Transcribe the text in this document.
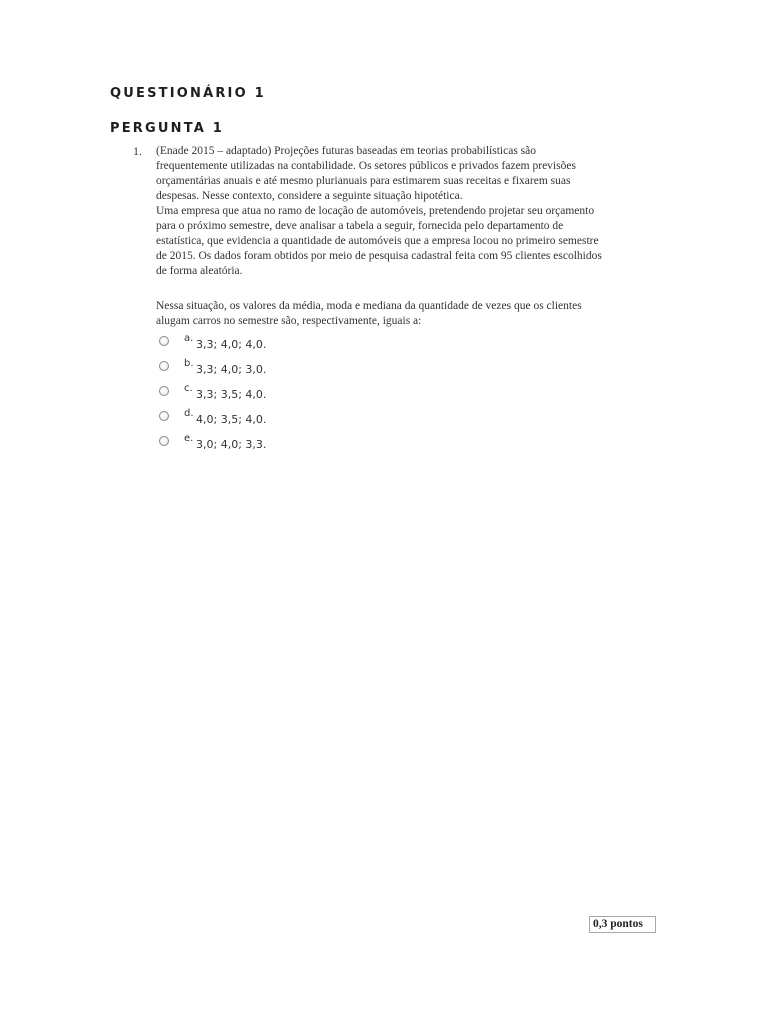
QUESTIONÁRIO 1
PERGUNTA 1
1. (Enade 2015 – adaptado) Projeções futuras baseadas em teorias probabilísticas são

frequentemente utilizadas na contabilidade. Os setores públicos e privados fazem previsões

orçamentárias anuais e até mesmo plurianuais para estimarem suas receitas e fixarem suas

despesas. Nesse contexto, considere a seguinte situação hipotética.

Uma empresa que atua no ramo de locação de automóveis, pretendendo projetar seu orçamento

para o próximo semestre, deve analisar a tabela a seguir, fornecida pelo departamento de

estatística, que evidencia a quantidade de automóveis que a empresa locou no primeiro semestre

de 2015. Os dados foram obtidos por meio de pesquisa cadastral feita com 95 clientes escolhidos

de forma aleatória.

Nessa situação, os valores da média, moda e mediana da quantidade de vezes que os clientes

alugam carros no semestre são, respectivamente, iguais a:

a. 3,3; 4,0; 4,0.
b. 3,3; 4,0; 3,0.
c. 3,3; 3,5; 4,0.
d. 4,0; 3,5; 4,0.
e. 3,0; 4,0; 3,3.
0,3 pontos
